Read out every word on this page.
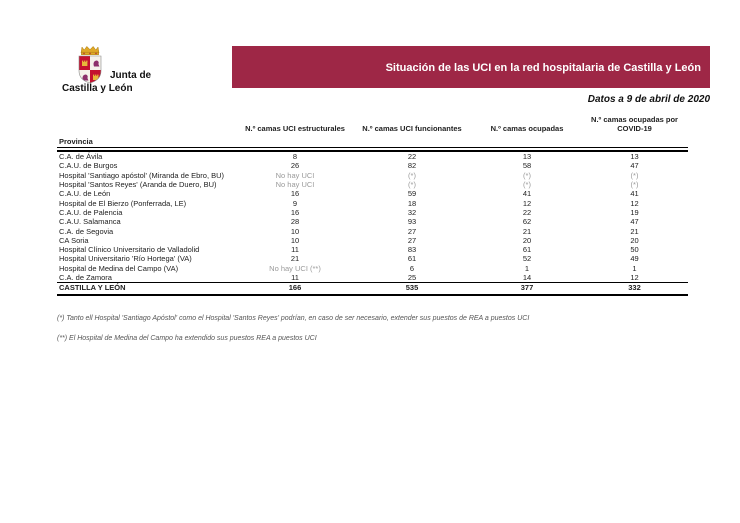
Junta de
Castilla y León
Situación de las UCI en la red hospitalaria de Castilla y León
Datos a 9 de abril de 2020
	N.º camas UCI estructurales	N.º camas UCI funcionantes	N.º camas ocupadas	N.º camas ocupadas por COVID-19
Provincia				

C.A. de Ávila	8	22	13	13
C.A.U. de Burgos	26	82	58	47
Hospital 'Santiago apóstol' (Miranda de Ebro, BU)	No hay UCI	(*)	(*)	(*)
Hospital 'Santos Reyes' (Aranda de Duero, BU)	No hay UCI	(*)	(*)	(*)
C.A.U. de León	16	59	41	41
Hospital de El Bierzo (Ponferrada, LE)	9	18	12	12
C.A.U. de Palencia	16	32	22	19
C.A.U. Salamanca	28	93	62	47
C.A. de Segovia	10	27	21	21
CA Soria	10	27	20	20
Hospital Clínico Universitario de Valladolid	11	83	61	50
Hospital Universitario 'Río Hortega' (VA)	21	61	52	49
Hospital de Medina del Campo (VA)	No hay UCI (**)	6	1	1
C.A. de Zamora	11	25	14	12
CASTILLA Y LEÓN	166	535	377	332
(*) Tanto ell Hospital 'Santiago Apóstol' como el Hospital 'Santos Reyes' podrían, en caso de ser necesario, extender sus puestos de REA a puestos UCI
(**) El Hospital de Medina del Campo ha extendido sus puestos REA a puestos UCI
